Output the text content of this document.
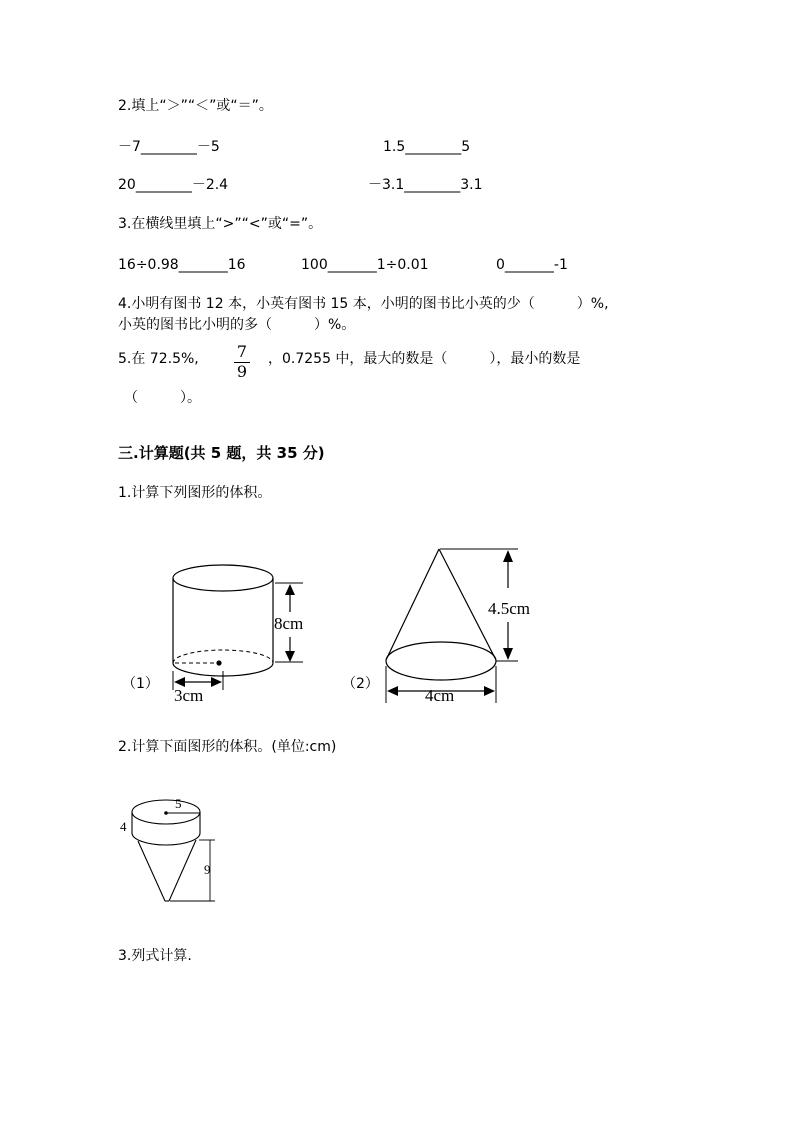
2.填上“＞”“＜”或“＝”。
－7________－5	1.5________5
20________－2.4	－3.1________3.1
3.在横线里填上“>”“<”或“=”。
16÷0.98_______16	100_______1÷0.01	0_______-1
4.小明有图书 12 本，小英有图书 15 本，小明的图书比小英的少（　　　）%,
小英的图书比小明的多（　　　）%。
5.在 72.5%,	7
9
，0.7255 中，最大的数是（　　　），最小的数是
（　　　）。
三.计算题(共 5 题，共 35 分)
1.计算下列图形的体积。
（1）
8cm
3cm
（2）
4.5cm
4cm
2.计算下面图形的体积。(单位:cm)
5
4
9
3.列式计算.
